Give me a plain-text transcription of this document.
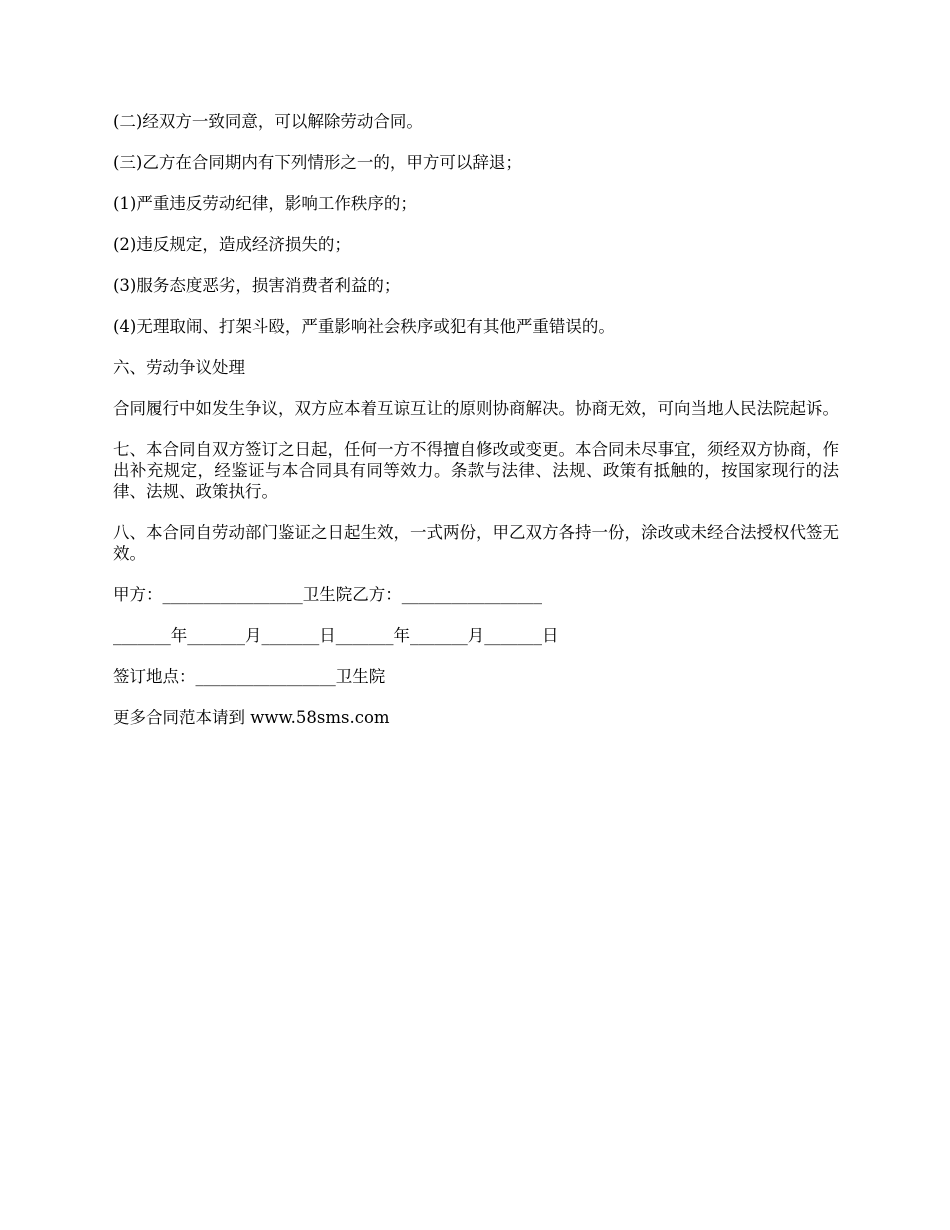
(二)经双方一致同意，可以解除劳动合同。

(三)乙方在合同期内有下列情形之一的，甲方可以辞退；

(1)严重违反劳动纪律，影响工作秩序的；

(2)违反规定，造成经济损失的；

(3)服务态度恶劣，损害消费者利益的；

(4)无理取闹、打架斗殴，严重影响社会秩序或犯有其他严重错误的。

六、劳动争议处理

合同履行中如发生争议，双方应本着互谅互让的原则协商解决。协商无效，可向当地人民法院起诉。

七、本合同自双方签订之日起，任何一方不得擅自修改或变更。本合同未尽事宜，须经双方协商，作出补充规定，经鉴证与本合同具有同等效力。条款与法律、法规、政策有抵触的，按国家现行的法律、法规、政策执行。

八、本合同自劳动部门鉴证之日起生效，一式两份，甲乙双方各持一份，涂改或未经合法授权代签无效。

甲方：_________________卫生院乙方：_________________

_______年_______月_______日_______年_______月_______日

签订地点：_________________卫生院

更多合同范本请到 www.58sms.com
